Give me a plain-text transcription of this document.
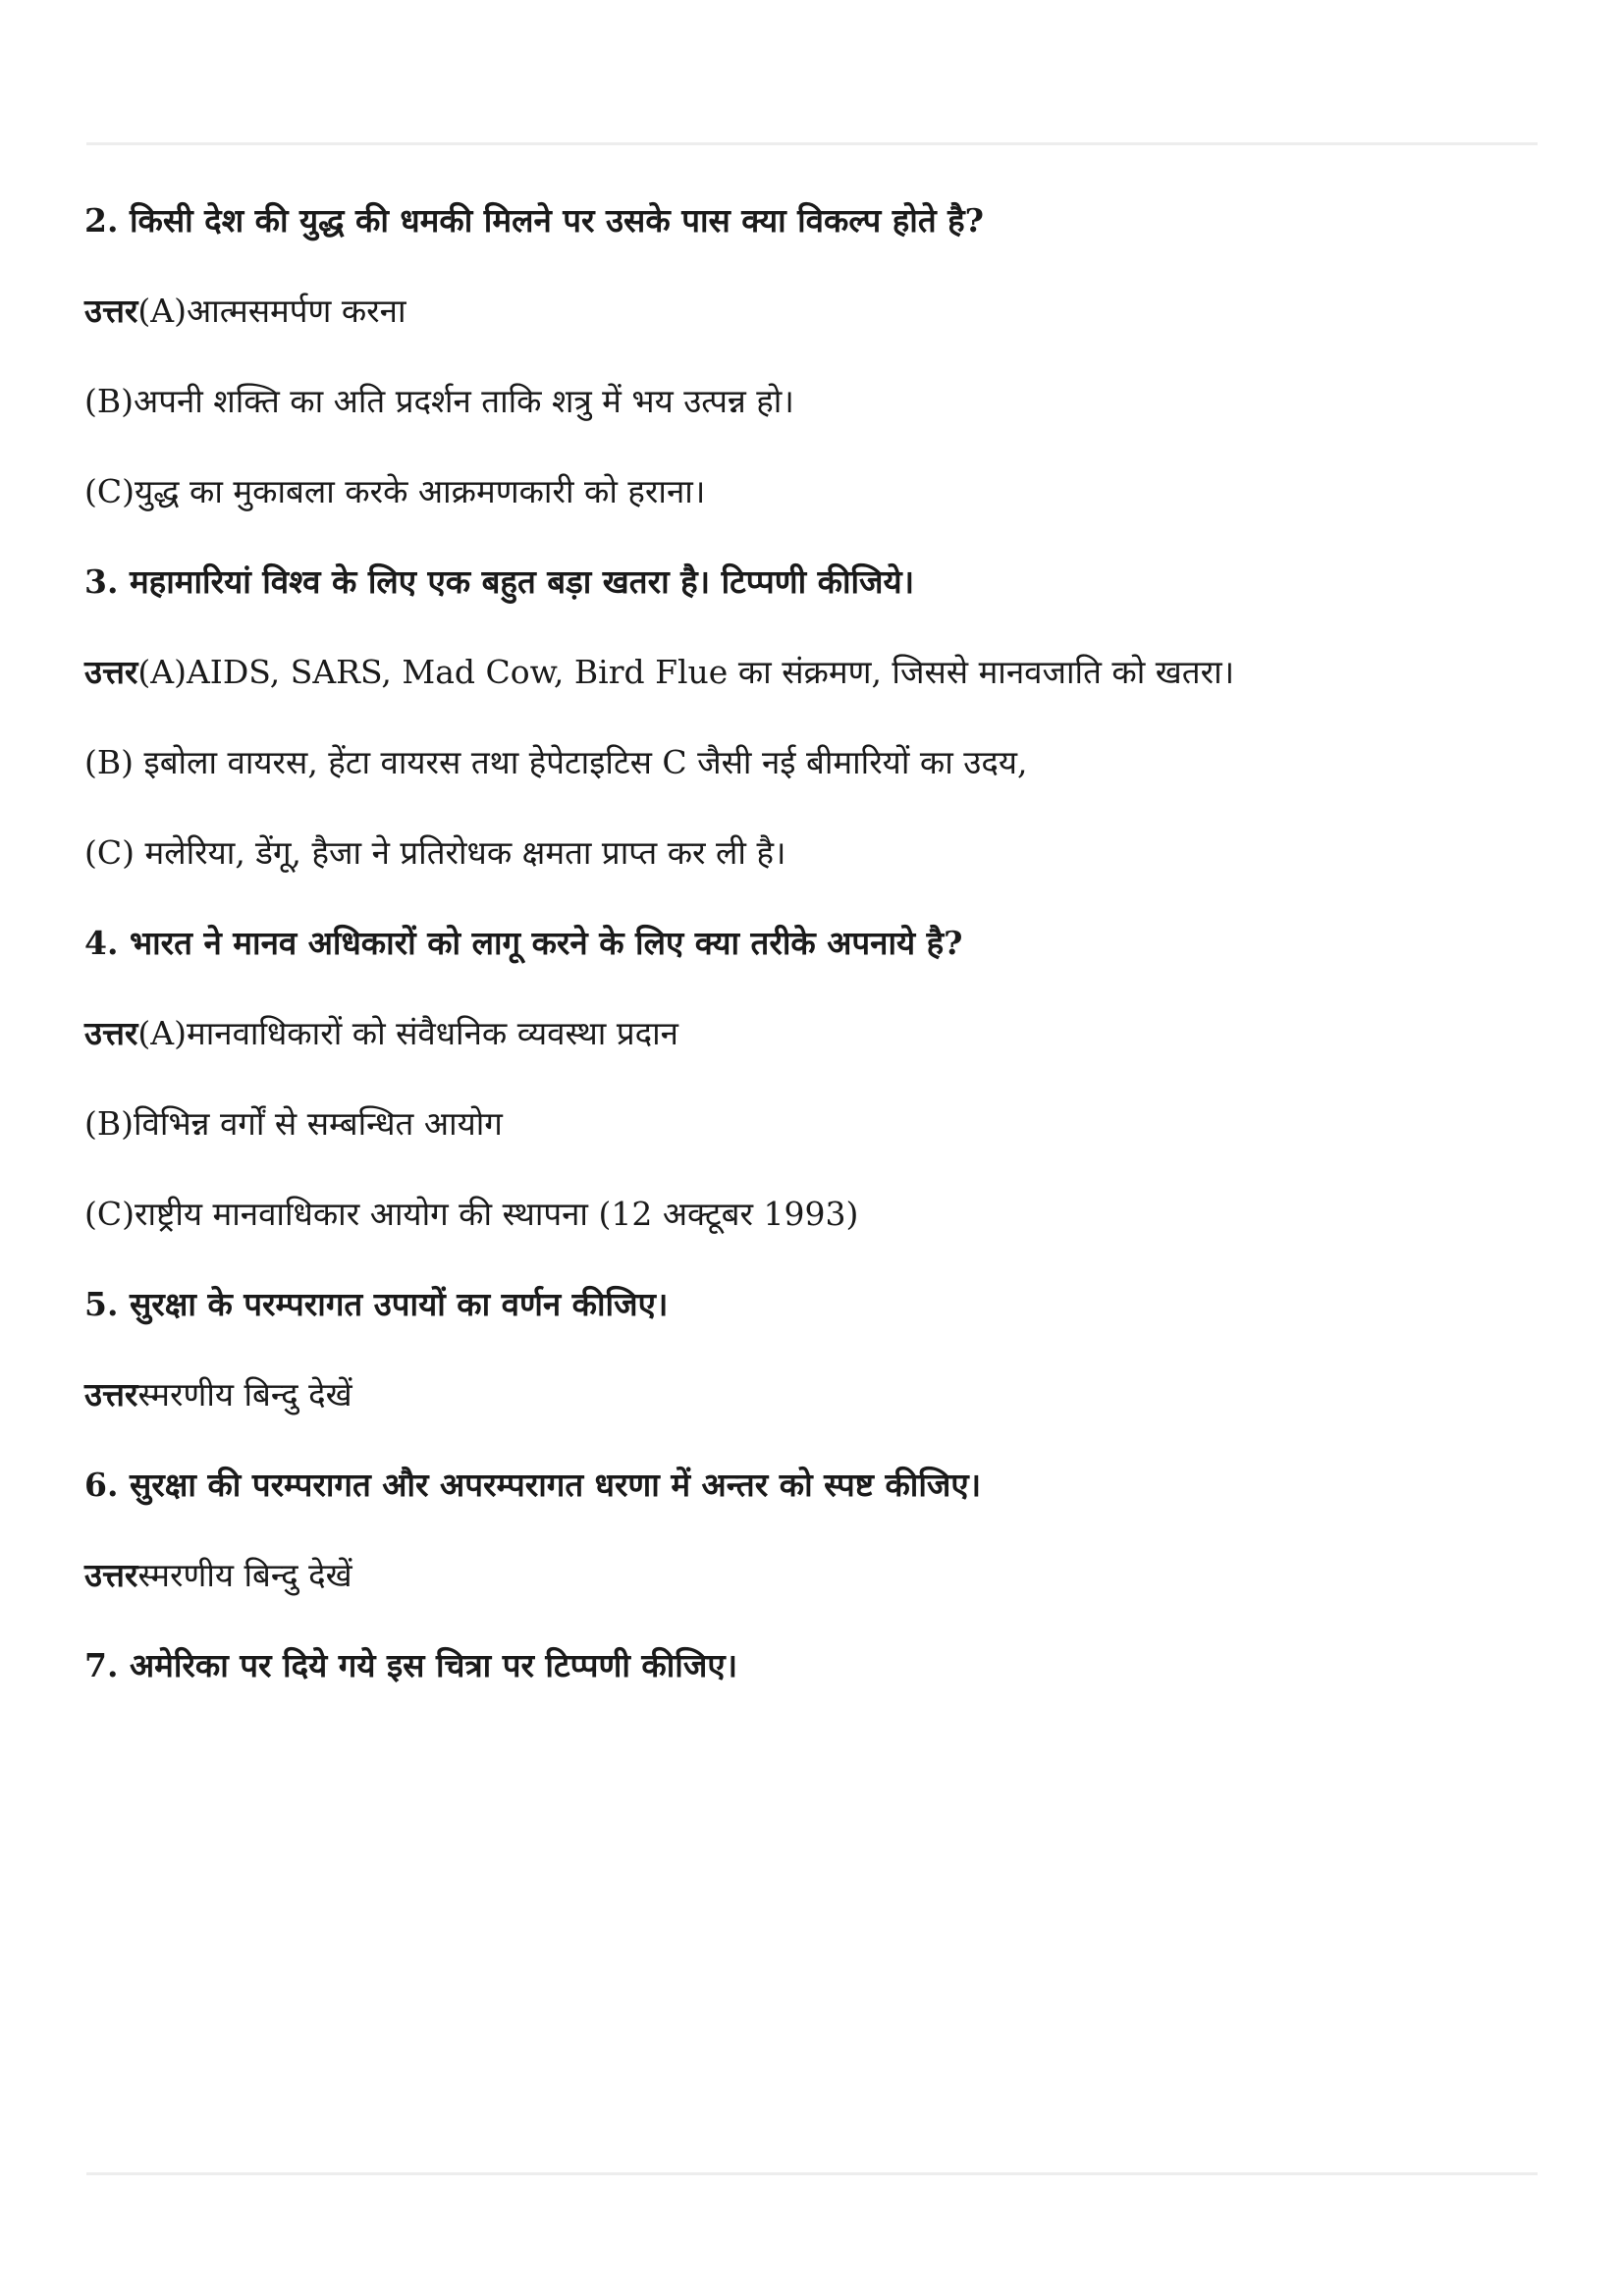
2. किसी देश की युद्ध की धमकी मिलने पर उसके पास क्या विकल्प होते है?
उत्तर(A)आत्मसमर्पण करना
(B)अपनी शक्ति का अति प्रदर्शन ताकि शत्रु में भय उत्पन्न हो।
(C)युद्ध का मुकाबला करके आक्रमणकारी को हराना।
3. महामारियां विश्व के लिए एक बहुत बड़ा खतरा है। टिप्पणी कीजिये।
उत्तर(A)AIDS, SARS, Mad Cow, Bird Flue का संक्रमण, जिससे मानवजाति को खतरा।
(B) इबोला वायरस, हेंटा वायरस तथा हेपेटाइटिस C जैसी नई बीमारियों का उदय,
(C) मलेरिया, डेंगू, हैजा ने प्रतिरोधक क्षमता प्राप्त कर ली है।
4. भारत ने मानव अधिकारों को लागू करने के लिए क्या तरीके अपनाये है?
उत्तर(A)मानवाधिकारों को संवैधनिक व्यवस्था प्रदान
(B)विभिन्न वर्गों से सम्बन्धित आयोग
(C)राष्ट्रीय मानवाधिकार आयोग की स्थापना (12 अक्टूबर 1993)
5. सुरक्षा के परम्परागत उपायों का वर्णन कीजिए।
उत्तरस्मरणीय बिन्दु देखें
6. सुरक्षा की परम्परागत और अपरम्परागत धरणा में अन्तर को स्पष्ट कीजिए।
उत्तरस्मरणीय बिन्दु देखें
7. अमेरिका पर दिये गये इस चित्रा पर टिप्पणी कीजिए।
